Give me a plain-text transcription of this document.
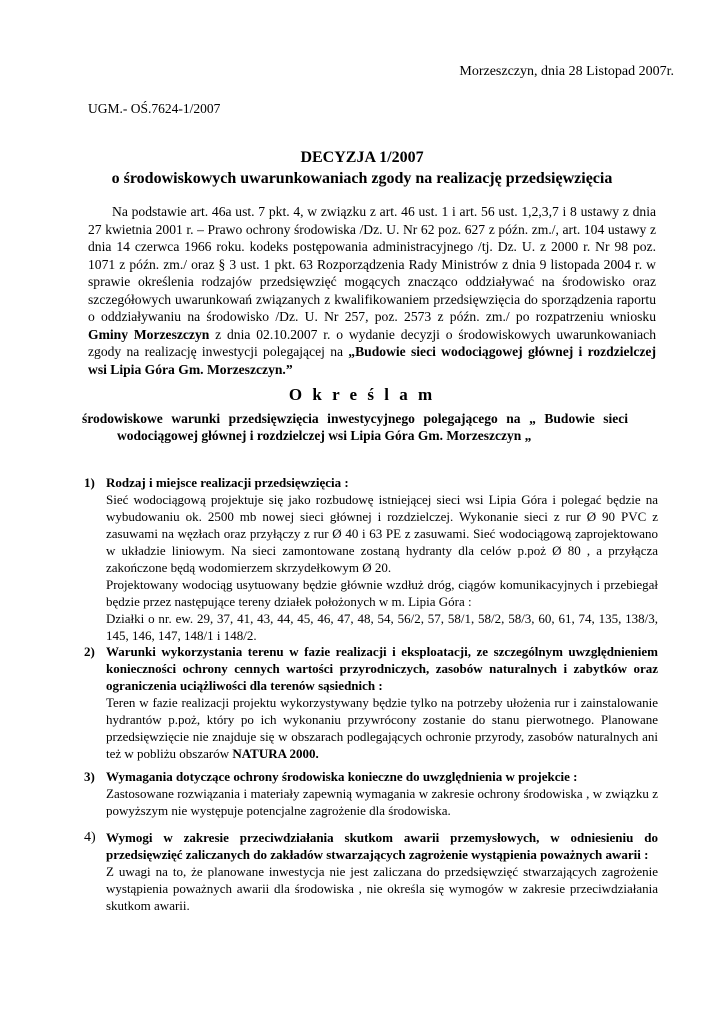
Morzeszczyn, dnia 28 Listopad 2007r.
UGM.- OŚ.7624-1/2007
DECYZJA 1/2007
o środowiskowych uwarunkowaniach zgody na realizację przedsięwzięcia

Na podstawie art. 46a ust. 7 pkt. 4, w związku z art. 46 ust. 1 i art. 56 ust. 1,2,3,7 i 8 ustawy z dnia 27 kwietnia 2001 r. – Prawo ochrony środowiska /Dz. U. Nr 62 poz. 627 z późn. zm./, art. 104 ustawy z dnia 14 czerwca 1966 roku. kodeks postępowania administracyjnego /tj. Dz. U. z 2000 r. Nr 98 poz. 1071 z późn. zm./ oraz § 3 ust. 1 pkt. 63 Rozporządzenia Rady Ministrów z dnia 9 listopada 2004 r. w sprawie określenia rodzajów przedsięwzięć mogących znacząco oddziaływać na środowisko oraz szczegółowych uwarunkowań związanych z kwalifikowaniem przedsięwzięcia do sporządzenia raportu o oddziaływaniu na środowisko /Dz. U. Nr 257, poz. 2573 z późn. zm./ po rozpatrzeniu wniosku Gminy Morzeszczyn z dnia 02.10.2007 r. o wydanie decyzji o środowiskowych uwarunkowaniach zgody na realizację inwestycji polegającej na „Budowie sieci wodociągowej głównej i rozdzielczej wsi Lipia Góra Gm. Morzeszczyn.”

O k r e ś l a m
środowiskowe warunki przedsięwzięcia inwestycyjnego polegającego na „ Budowie sieci
wodociągowej głównej i rozdzielczej wsi Lipia Góra Gm. Morzeszczyn „
1) Rodzaj i miejsce realizacji przedsięwzięcia :

Sieć wodociągową projektuje się jako rozbudowę istniejącej sieci wsi Lipia Góra i polegać będzie na wybudowaniu ok. 2500 mb nowej sieci głównej i rozdzielczej. Wykonanie sieci z rur Ø 90 PVC z zasuwami na węzłach oraz przyłączy z rur Ø 40 i 63 PE z zasuwami. Sieć wodociągową zaprojektowano w układzie liniowym. Na sieci zamontowane zostaną hydranty dla celów p.poż Ø 80 , a przyłącza zakończone będą wodomierzem skrzydełkowym Ø 20.

Projektowany wodociąg usytuowany będzie głównie wzdłuż dróg, ciągów komunikacyjnych i przebiegał będzie przez następujące tereny działek położonych w m. Lipia Góra :

Działki o nr. ew. 29, 37, 41, 43, 44, 45, 46, 47, 48, 54, 56/2, 57, 58/1, 58/2, 58/3, 60, 61, 74, 135, 138/3, 145, 146, 147, 148/1 i 148/2.

2) Warunki wykorzystania terenu w fazie realizacji i eksploatacji, ze szczególnym uwzględnieniem konieczności ochrony cennych wartości przyrodniczych, zasobów naturalnych i zabytków oraz ograniczenia uciążliwości dla terenów sąsiednich :

Teren w fazie realizacji projektu wykorzystywany będzie tylko na potrzeby ułożenia rur i zainstalowanie hydrantów p.poż, który po ich wykonaniu przywrócony zostanie do stanu pierwotnego. Planowane przedsięwzięcie nie znajduje się w obszarach podlegających ochronie przyrody, zasobów naturalnych ani też w pobliżu obszarów NATURA 2000.

3) Wymagania dotyczące ochrony środowiska konieczne do uwzględnienia w projekcie :

Zastosowane rozwiązania i materiały zapewnią wymagania w zakresie ochrony środowiska , w związku z powyższym nie występuje potencjalne zagrożenie dla środowiska.

4) Wymogi w zakresie przeciwdziałania skutkom awarii przemysłowych, w odniesieniu do przedsięwzięć zaliczanych do zakładów stwarzających zagrożenie wystąpienia poważnych awarii :

Z uwagi na to, że planowane inwestycja nie jest zaliczana do przedsięwzięć stwarzających zagrożenie wystąpienia poważnych awarii dla środowiska , nie określa się wymogów w zakresie przeciwdziałania skutkom awarii.
